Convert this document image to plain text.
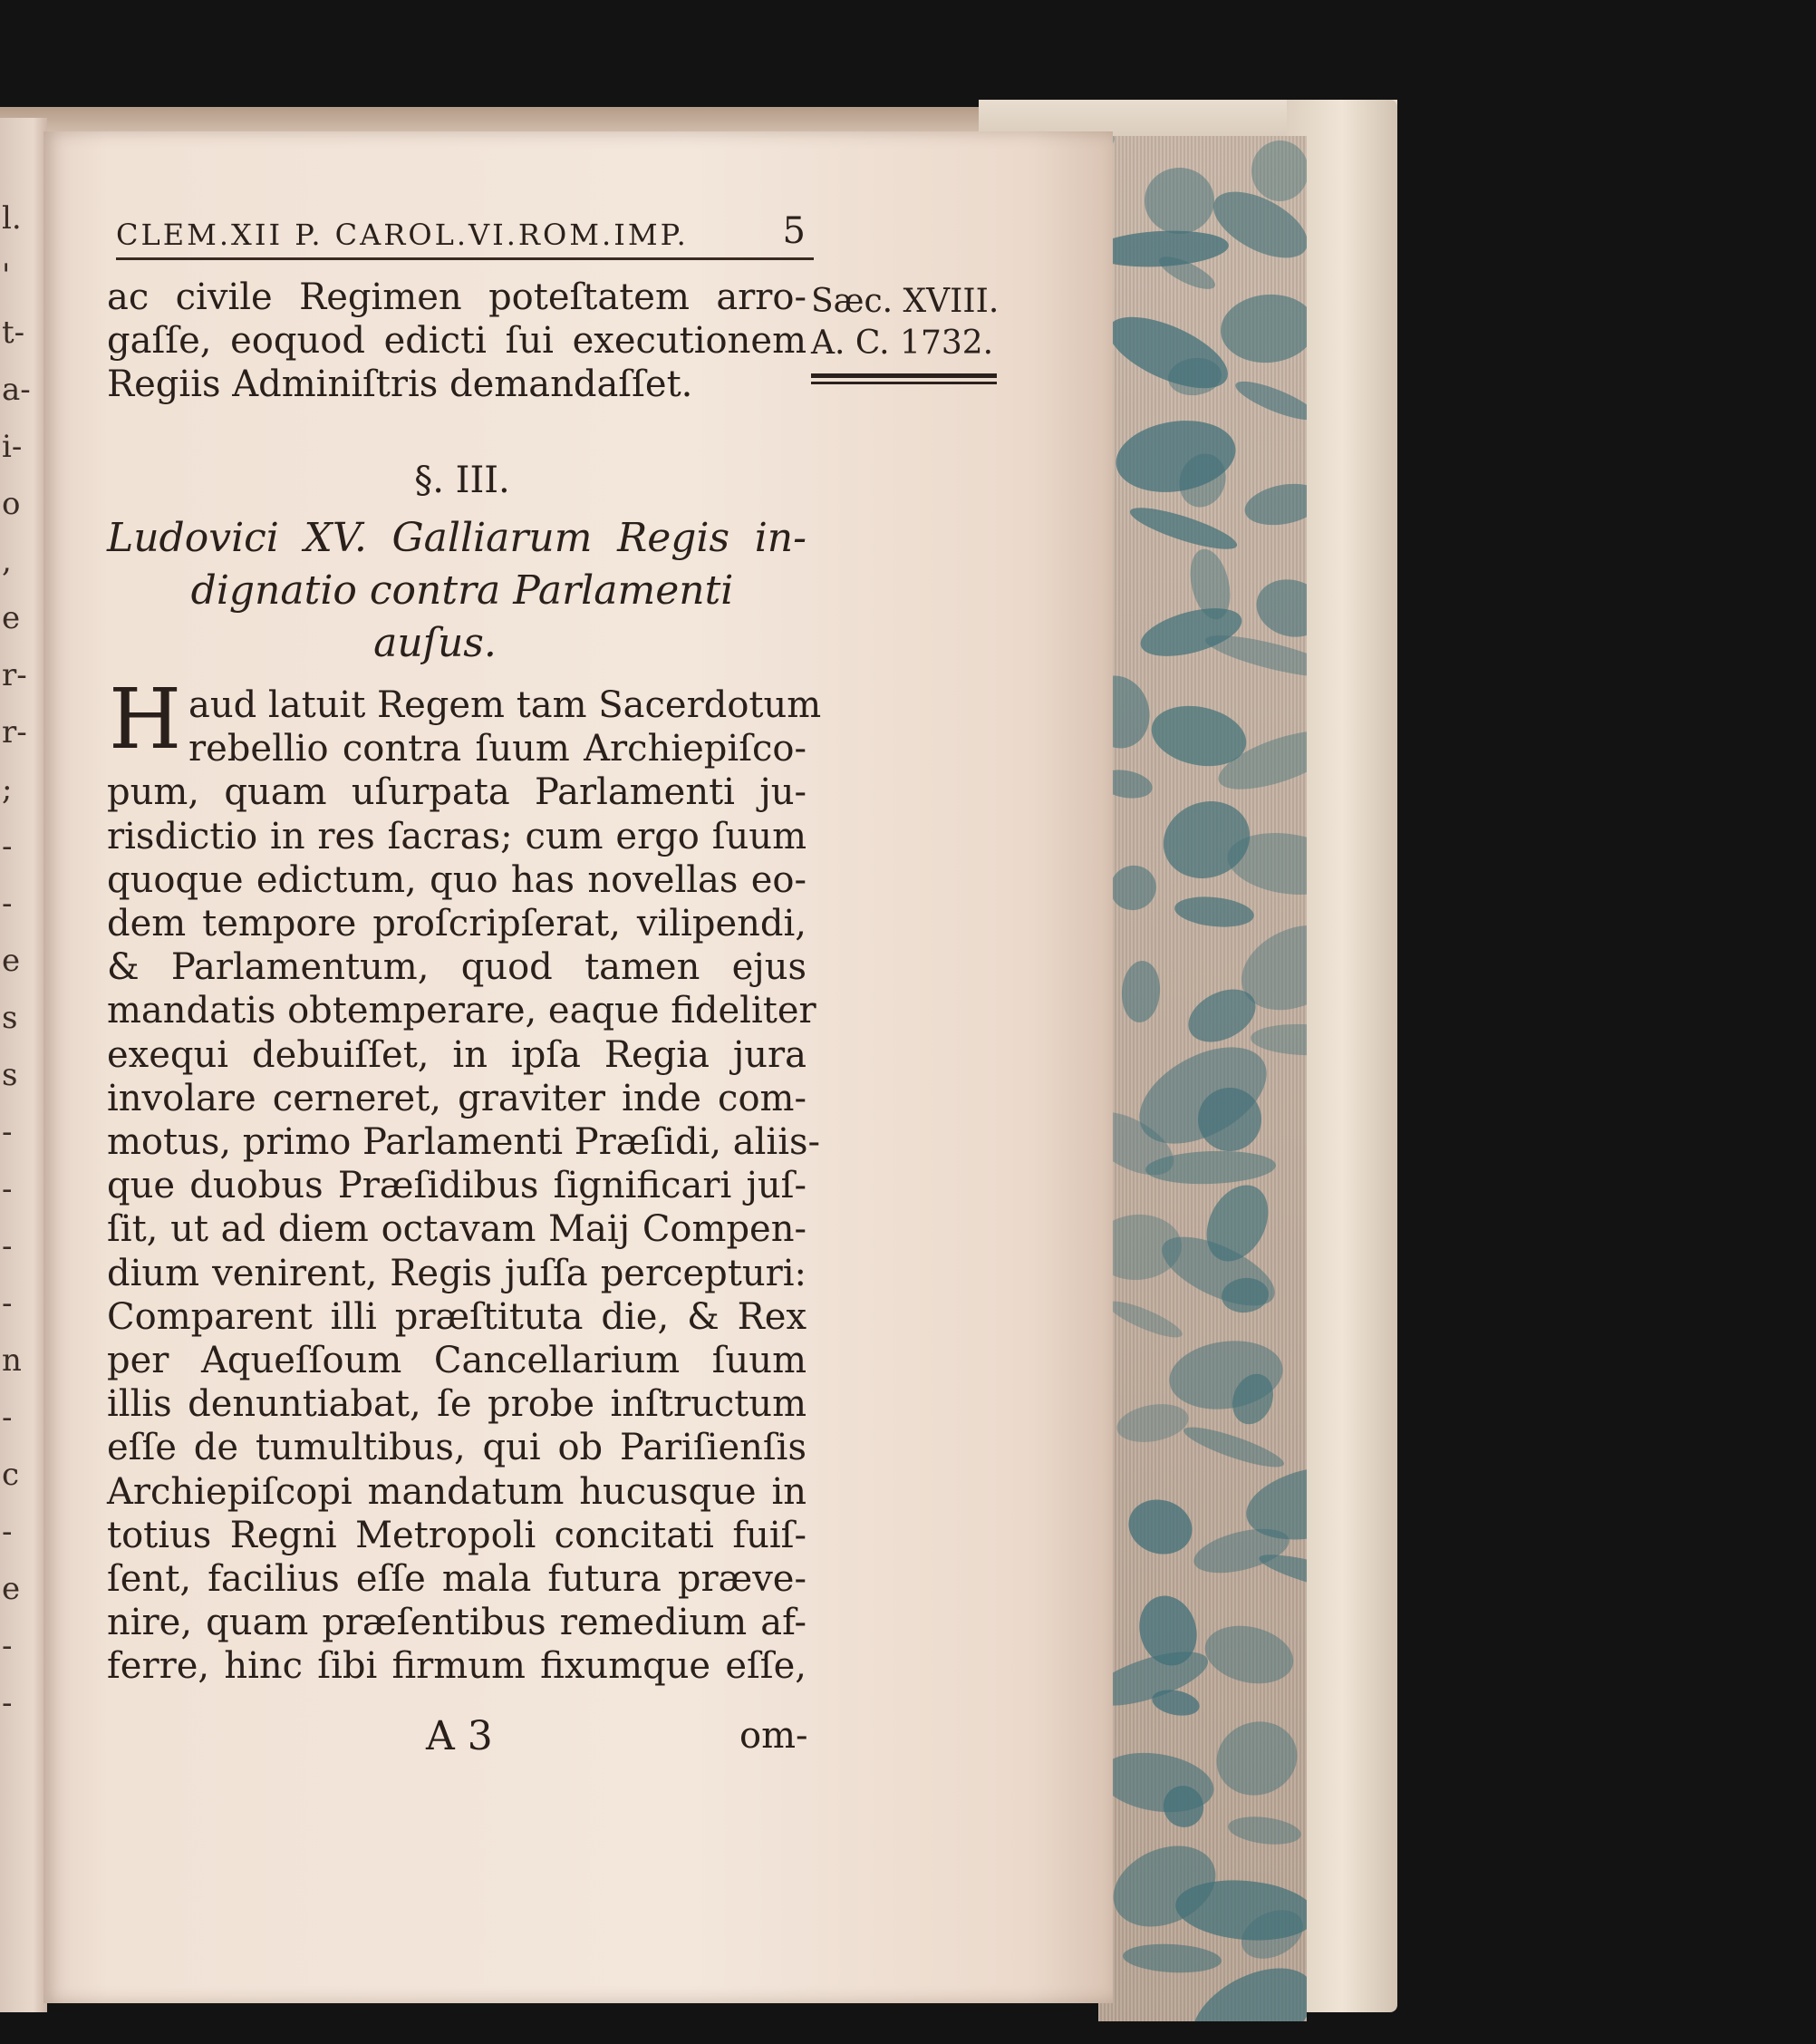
l.
'
t-
a-
i-
o
,
e
r-
r-
;
-
-
e
s
s
-
-
-
-
n
-
c
-
e
-
-
CLEM.XII P. CAROL.VI.ROM.IMP.	5
Sæc. XVIII.
A. C. 1732.
ac civile Regimen poteſtatem arro-
gaſſe, eoquod edicti ſui executionem
Regiis Adminiſtris demandaſſet.
§. III.
Ludovici XV. Galliarum Regis in-
dignatio contra Parlamenti
auſus.
H aud latuit Regem tam Sacerdotum
rebellio contra ſuum Archiepiſco-
pum, quam uſurpata Parlamenti ju-
risdictio in res ſacras; cum ergo ſuum
quoque edictum, quo has novellas eo-
dem tempore proſcripſerat, vilipendi,
& Parlamentum, quod tamen ejus
mandatis obtemperare, eaque fideliter
exequi debuiſſet, in ipſa Regia jura
involare cerneret, graviter inde com-
motus, primo Parlamenti Præſidi, aliis-
que duobus Præſidibus ſignificari juſ-
ſit, ut ad diem octavam Maij Compen-
dium venirent, Regis juſſa percepturi:
Comparent illi præſtituta die, & Rex
per Aqueſſoum Cancellarium ſuum
illis denuntiabat, ſe probe inſtructum
eſſe de tumultibus, qui ob Pariſienſis
Archiepiſcopi mandatum hucusque in
totius Regni Metropoli concitati fuiſ-
ſent, facilius eſſe mala futura præve-
nire, quam præſentibus remedium af-
ferre, hinc ſibi firmum fixumque eſſe,
A 3	om-
